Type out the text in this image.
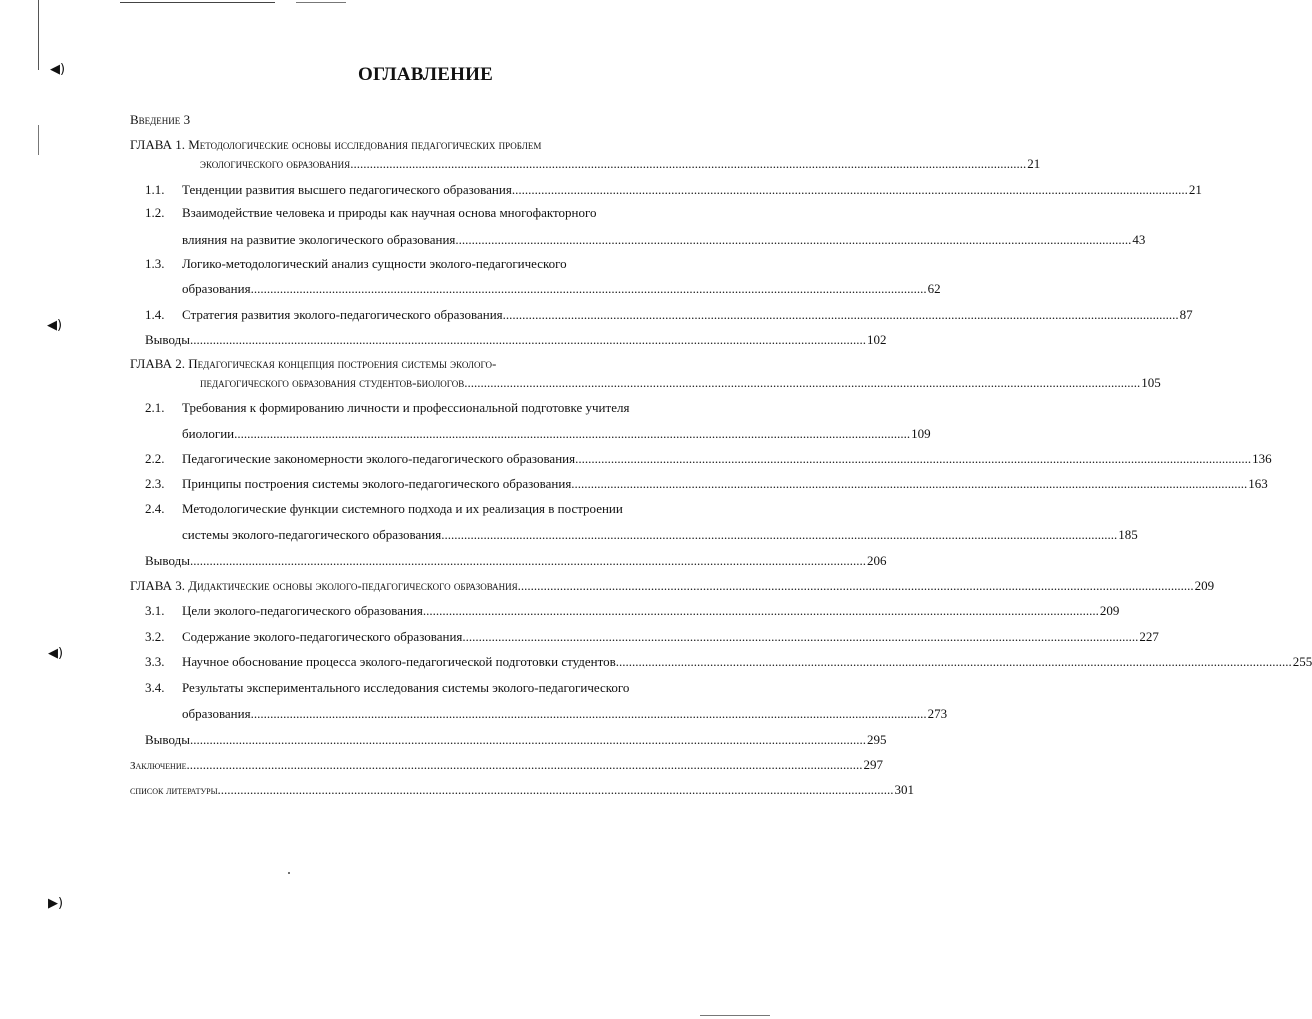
◀)
◀)
◀)
▶)
ОГЛАВЛЕНИЕ
Введение 3
ГЛАВА 1. Методологические основы исследования педагогических проблем
экологического образования .....	21
1.1. Тенденции развития высшего педагогического образования .....	21
1.2. Взаимодействие человека и природы как научная основа многофакторного
влияния на развитие экологического образования .....	43
1.3. Логико-методологический анализ сущности эколого-педагогического
образования .....	62
1.4. Стратегия развития эколого-педагогического образования .....	87
Выводы .....	102
ГЛАВА 2. Педагогическая концепция построения системы эколого-
педагогического образования студентов-биологов .....	105
2.1. Требования к формированию личности и профессиональной подготовке учителя
биологии .....	109
2.2. Педагогические закономерности эколого-педагогического образования .....	136
2.3. Принципы построения системы эколого-педагогического образования .....	163
2.4. Методологические функции системного подхода и их реализация в построении
системы эколого-педагогического образования .....	185
Выводы .....	206
ГЛАВА 3. Дидактические основы эколого-педагогического образования .....	209
3.1. Цели эколого-педагогического образования .....	209
3.2. Содержание эколого-педагогического образования .....	227
3.3. Научное обоснование процесса эколого-педагогической подготовки студентов .....	255
3.4. Результаты экспериментального исследования системы эколого-педагогического
образования .....	273
Выводы .....	295
Заключение .....	297
список литературы .....	301
